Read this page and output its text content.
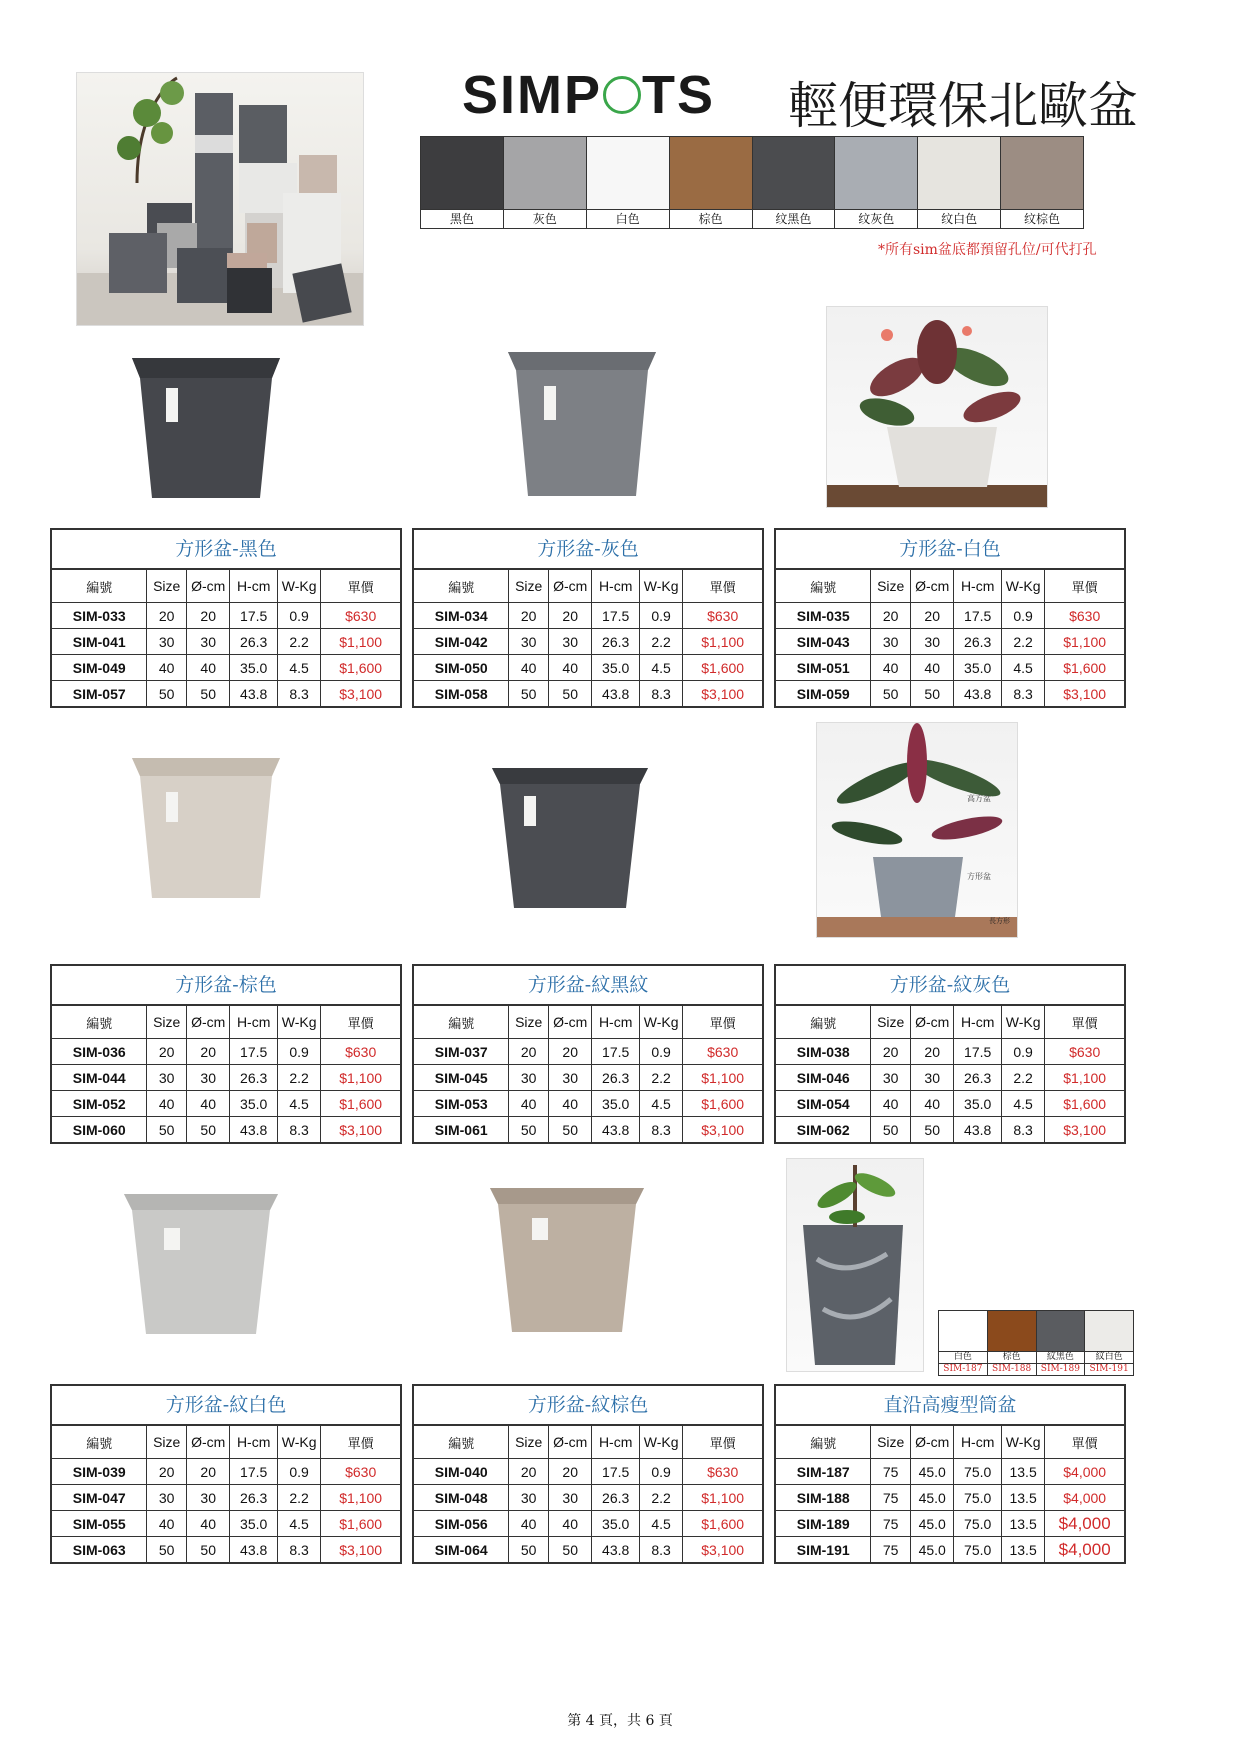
SIMP TS 輕便環保北歐盆
黑色	灰色	白色	棕色	纹黑色	纹灰色	纹白色	纹棕色
*所有sim盆底都預留孔位/可代打孔
高方盆
方形盆
長方形
白色	棕色	紋黑色	紋白色
SIM-187	SIM-188	SIM-189	SIM-191
方形盆-黑色
編號	Size	Ø-cm	H-cm	W-Kg	單價
SIM-033	20	20	17.5	0.9	$630
SIM-041	30	30	26.3	2.2	$1,100
SIM-049	40	40	35.0	4.5	$1,600
SIM-057	50	50	43.8	8.3	$3,100
方形盆-灰色
編號	Size	Ø-cm	H-cm	W-Kg	單價
SIM-034	20	20	17.5	0.9	$630
SIM-042	30	30	26.3	2.2	$1,100
SIM-050	40	40	35.0	4.5	$1,600
SIM-058	50	50	43.8	8.3	$3,100
方形盆-白色
編號	Size	Ø-cm	H-cm	W-Kg	單價
SIM-035	20	20	17.5	0.9	$630
SIM-043	30	30	26.3	2.2	$1,100
SIM-051	40	40	35.0	4.5	$1,600
SIM-059	50	50	43.8	8.3	$3,100
方形盆-棕色
編號	Size	Ø-cm	H-cm	W-Kg	單價
SIM-036	20	20	17.5	0.9	$630
SIM-044	30	30	26.3	2.2	$1,100
SIM-052	40	40	35.0	4.5	$1,600
SIM-060	50	50	43.8	8.3	$3,100
方形盆-紋黑紋
編號	Size	Ø-cm	H-cm	W-Kg	單價
SIM-037	20	20	17.5	0.9	$630
SIM-045	30	30	26.3	2.2	$1,100
SIM-053	40	40	35.0	4.5	$1,600
SIM-061	50	50	43.8	8.3	$3,100
方形盆-紋灰色
編號	Size	Ø-cm	H-cm	W-Kg	單價
SIM-038	20	20	17.5	0.9	$630
SIM-046	30	30	26.3	2.2	$1,100
SIM-054	40	40	35.0	4.5	$1,600
SIM-062	50	50	43.8	8.3	$3,100
方形盆-紋白色
編號	Size	Ø-cm	H-cm	W-Kg	單價
SIM-039	20	20	17.5	0.9	$630
SIM-047	30	30	26.3	2.2	$1,100
SIM-055	40	40	35.0	4.5	$1,600
SIM-063	50	50	43.8	8.3	$3,100
方形盆-紋棕色
編號	Size	Ø-cm	H-cm	W-Kg	單價
SIM-040	20	20	17.5	0.9	$630
SIM-048	30	30	26.3	2.2	$1,100
SIM-056	40	40	35.0	4.5	$1,600
SIM-064	50	50	43.8	8.3	$3,100
直沿高瘦型筒盆
編號	Size	Ø-cm	H-cm	W-Kg	單價
SIM-187	75	45.0	75.0	13.5	$4,000
SIM-188	75	45.0	75.0	13.5	$4,000
SIM-189	75	45.0	75.0	13.5	$4,000
SIM-191	75	45.0	75.0	13.5	$4,000
第 4 頁，共 6 頁
